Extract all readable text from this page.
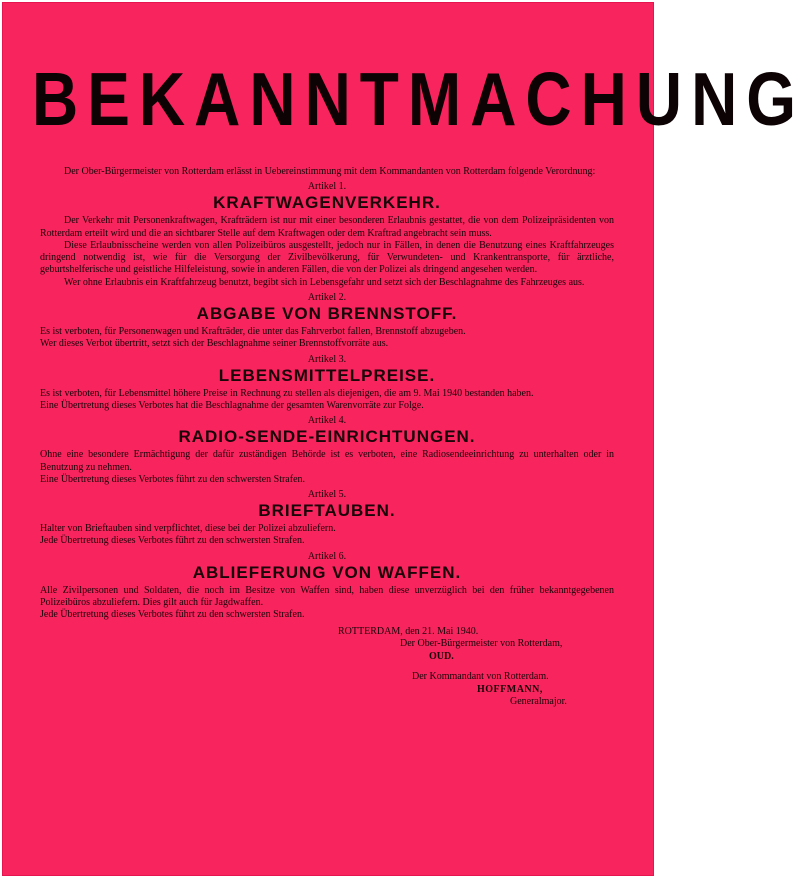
BEKANNTMACHUNG

Der Ober-Bürgermeister von Rotterdam erlässt in Uebereinstimmung mit dem Kommandanten von Rotterdam folgende Verordnung:

Artikel 1.
KRAFTWAGENVERKEHR.

Der Verkehr mit Personenkraftwagen, Krafträdern ist nur mit einer besonderen Erlaubnis gestattet, die von dem Polizeipräsidenten von Rotterdam erteilt wird und die an sichtbarer Stelle auf dem Kraftwagen oder dem Kraftrad angebracht sein muss.

Diese Erlaubnisscheine werden von allen Polizeibüros ausgestellt, jedoch nur in Fällen, in denen die Benutzung eines Kraftfahrzeuges dringend notwendig ist, wie für die Versorgung der Zivilbevölkerung, für Verwundeten- und Krankentransporte, für ärztliche, geburtshelferische und geistliche Hilfeleistung, sowie in anderen Fällen, die von der Polizei als dringend angesehen werden.

Wer ohne Erlaubnis ein Kraftfahrzeug benutzt, begibt sich in Lebensgefahr und setzt sich der Beschlagnahme des Fahrzeuges aus.

Artikel 2.
ABGABE VON BRENNSTOFF.

Es ist verboten, für Personenwagen und Krafträder, die unter das Fahrverbot fallen, Brennstoff abzugeben.

Wer dieses Verbot übertritt, setzt sich der Beschlagnahme seiner Brennstoffvorräte aus.

Artikel 3.
LEBENSMITTELPREISE.

Es ist verboten, für Lebensmittel höhere Preise in Rechnung zu stellen als diejenigen, die am 9. Mai 1940 bestanden haben.

Eine Übertretung dieses Verbotes hat die Beschlagnahme der gesamten Warenvorräte zur Folge.

Artikel 4.
RADIO-SENDE-EINRICHTUNGEN.

Ohne eine besondere Ermächtigung der dafür zuständigen Behörde ist es verboten, eine Radiosendeeinrichtung zu unterhalten oder in Benutzung zu nehmen.

Eine Übertretung dieses Verbotes führt zu den schwersten Strafen.

Artikel 5.
BRIEFTAUBEN.

Halter von Brieftauben sind verpflichtet, diese bei der Polizei abzuliefern.

Jede Übertretung dieses Verbotes führt zu den schwersten Strafen.

Artikel 6.
ABLIEFERUNG VON WAFFEN.

Alle Zivilpersonen und Soldaten, die noch im Besitze von Waffen sind, haben diese unverzüglich bei den früher bekanntgegebenen Polizeibüros abzuliefern. Dies gilt auch für Jagdwaffen.

Jede Übertretung dieses Verbotes führt zu den schwersten Strafen.

ROTTERDAM, den 21. Mai 1940.
Der Ober-Bürgermeister von Rotterdam,
OUD.
Der Kommandant von Rotterdam.
HOFFMANN,
Generalmajor.
